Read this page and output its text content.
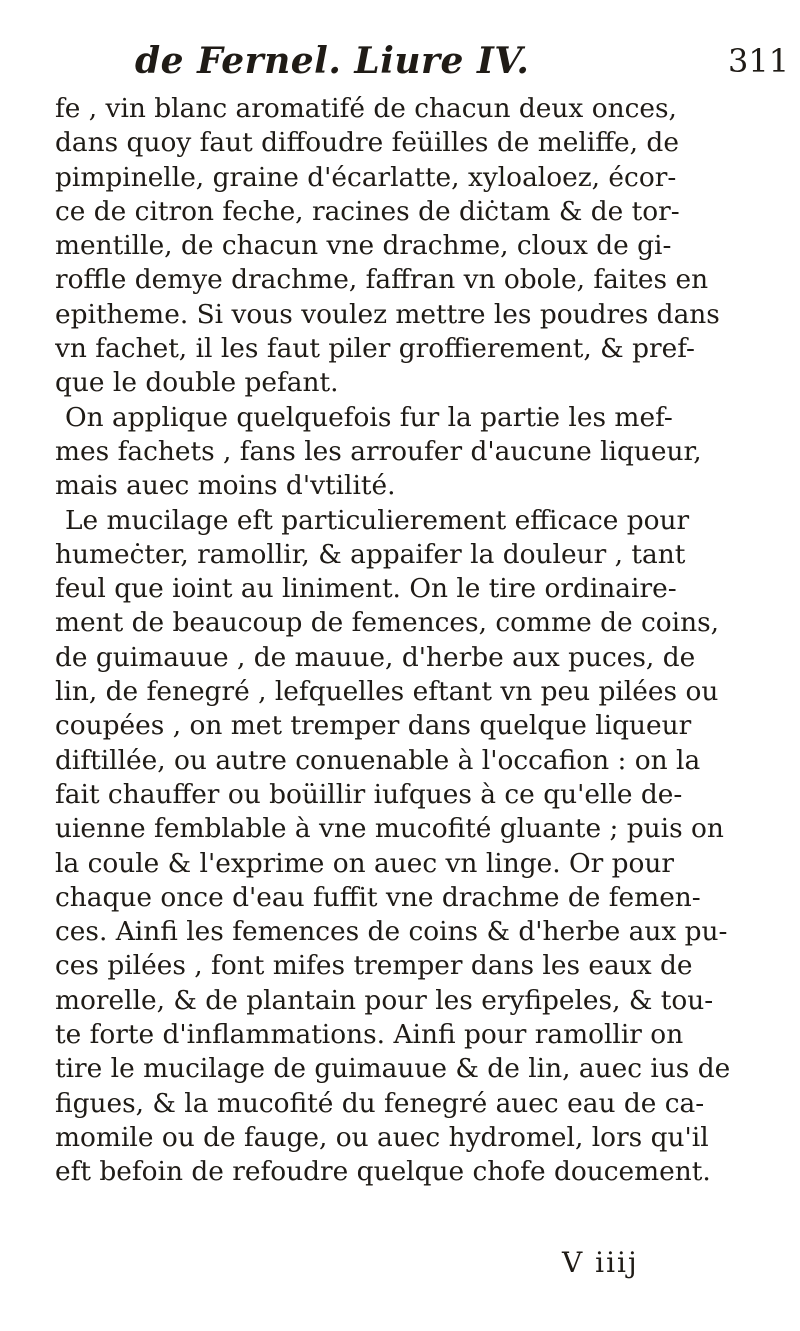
de Fernel. Liure IV.	311
fe , vin blanc aromatifé de chacun deux onces,
dans quoy faut diffoudre feüilles de meliffe, de
pimpinelle, graine d'écarlatte, xyloaloez, écor-
ce de citron feche, racines de diċtam & de tor-
mentille, de chacun vne drachme, cloux de gi-
roffle demye drachme, faffran vn obole, faites en
epitheme. Si vous voulez mettre les poudres dans
vn fachet, il les faut piler groffierement, & pref-
que le double pefant.
On applique quelquefois fur la partie les mef-
mes fachets , fans les arroufer d'aucune liqueur,
mais auec moins d'vtilité.
Le mucilage eft particulierement efficace pour
humeċter, ramollir, & appaifer la douleur , tant
feul que ioint au liniment. On le tire ordinaire-
ment de beaucoup de femences, comme de coins,
de guimauue , de mauue, d'herbe aux puces, de
lin, de fenegré , lefquelles eftant vn peu pilées ou
coupées , on met tremper dans quelque liqueur
diftillée, ou autre conuenable à l'occafion : on la
fait chauffer ou boüillir iufques à ce qu'elle de-
uienne femblable à vne mucofité gluante ; puis on
la coule & l'exprime on auec vn linge. Or pour
chaque once d'eau fuffit vne drachme de femen-
ces. Ainfi les femences de coins & d'herbe aux pu-
ces pilées , font mifes tremper dans les eaux de
morelle, & de plantain pour les eryfipeles, & tou-
te forte d'inflammations. Ainfi pour ramollir on
tire le mucilage de guimauue & de lin, auec ius de
figues, & la mucofité du fenegré auec eau de ca-
momile ou de fauge, ou auec hydromel, lors qu'il
eft befoin de refoudre quelque chofe doucement.
V iiij
